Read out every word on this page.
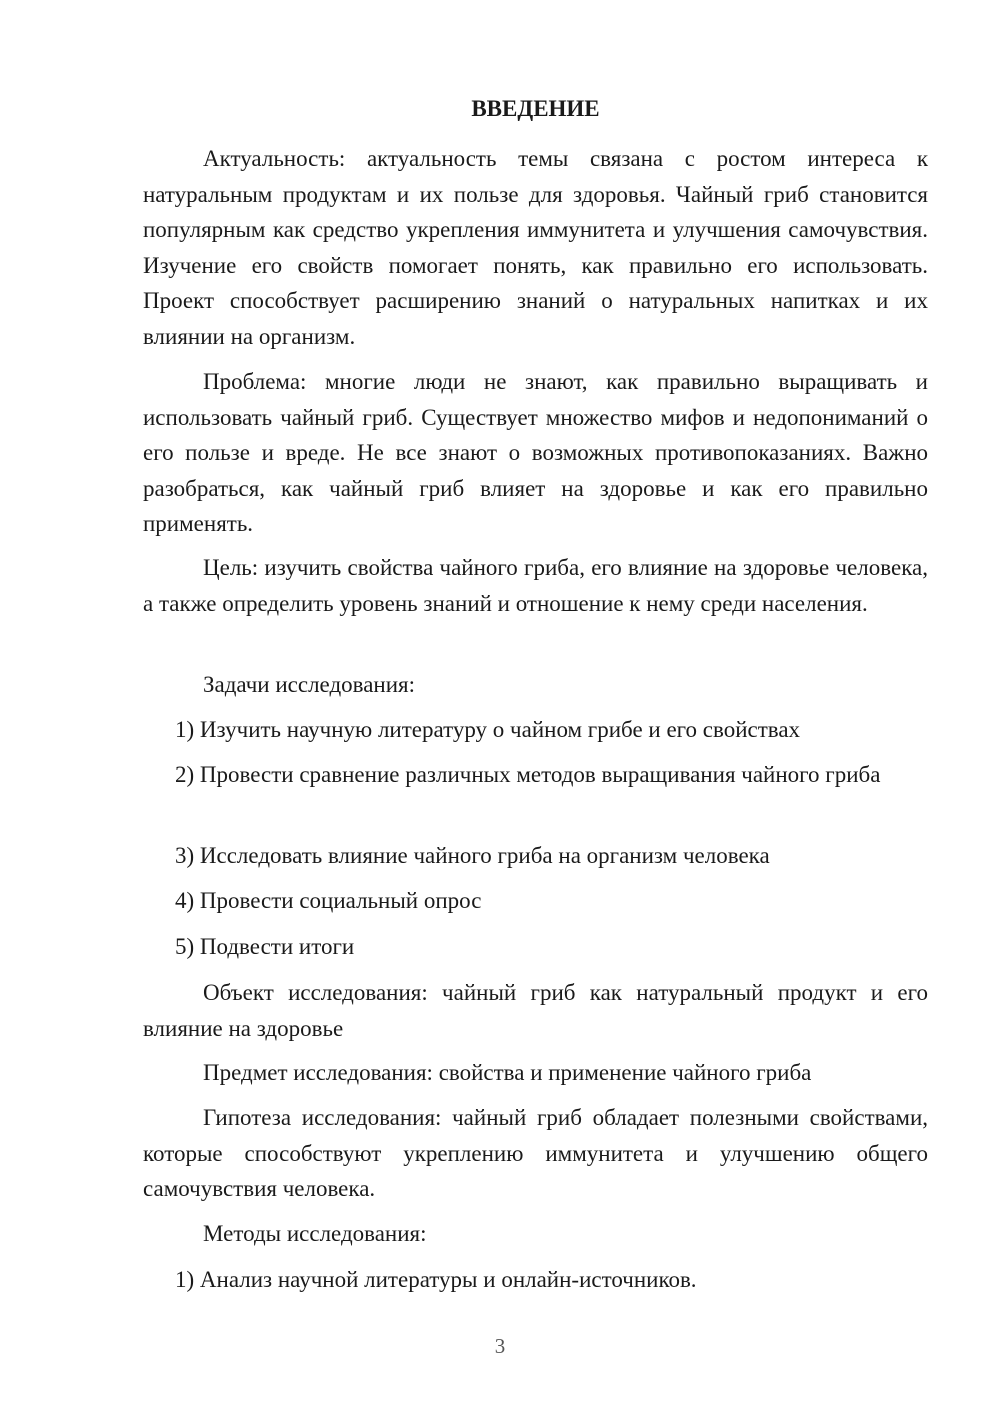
ВВЕДЕНИЕ

Актуальность: актуальность темы связана с ростом интереса к натуральным продуктам и их пользе для здоровья. Чайный гриб становится популярным как средство укрепления иммунитета и улучшения самочувствия. Изучение его свойств помогает понять, как правильно его использовать. Проект способствует расширению знаний о натуральных напитках и их влиянии на организм.

Проблема: многие люди не знают, как правильно выращивать и использовать чайный гриб. Существует множество мифов и недопониманий о его пользе и вреде. Не все знают о возможных противопоказаниях. Важно разобраться, как чайный гриб влияет на здоровье и как его правильно применять.

Цель: изучить свойства чайного гриба, его влияние на здоровье человека, а также определить уровень знаний и отношение к нему среди населения.

Задачи исследования:

1) Изучить научную литературу о чайном грибе и его свойствах

2) Провести сравнение различных методов выращивания чайного гриба

3) Исследовать влияние чайного гриба на организм человека

4) Провести социальный опрос

5) Подвести итоги

Объект исследования: чайный гриб как натуральный продукт и его влияние на здоровье

Предмет исследования: свойства и применение чайного гриба

Гипотеза исследования: чайный гриб обладает полезными свойствами, которые способствуют укреплению иммунитета и улучшению общего самочувствия человека.

Методы исследования:

1) Анализ научной литературы и онлайн-источников.

3
